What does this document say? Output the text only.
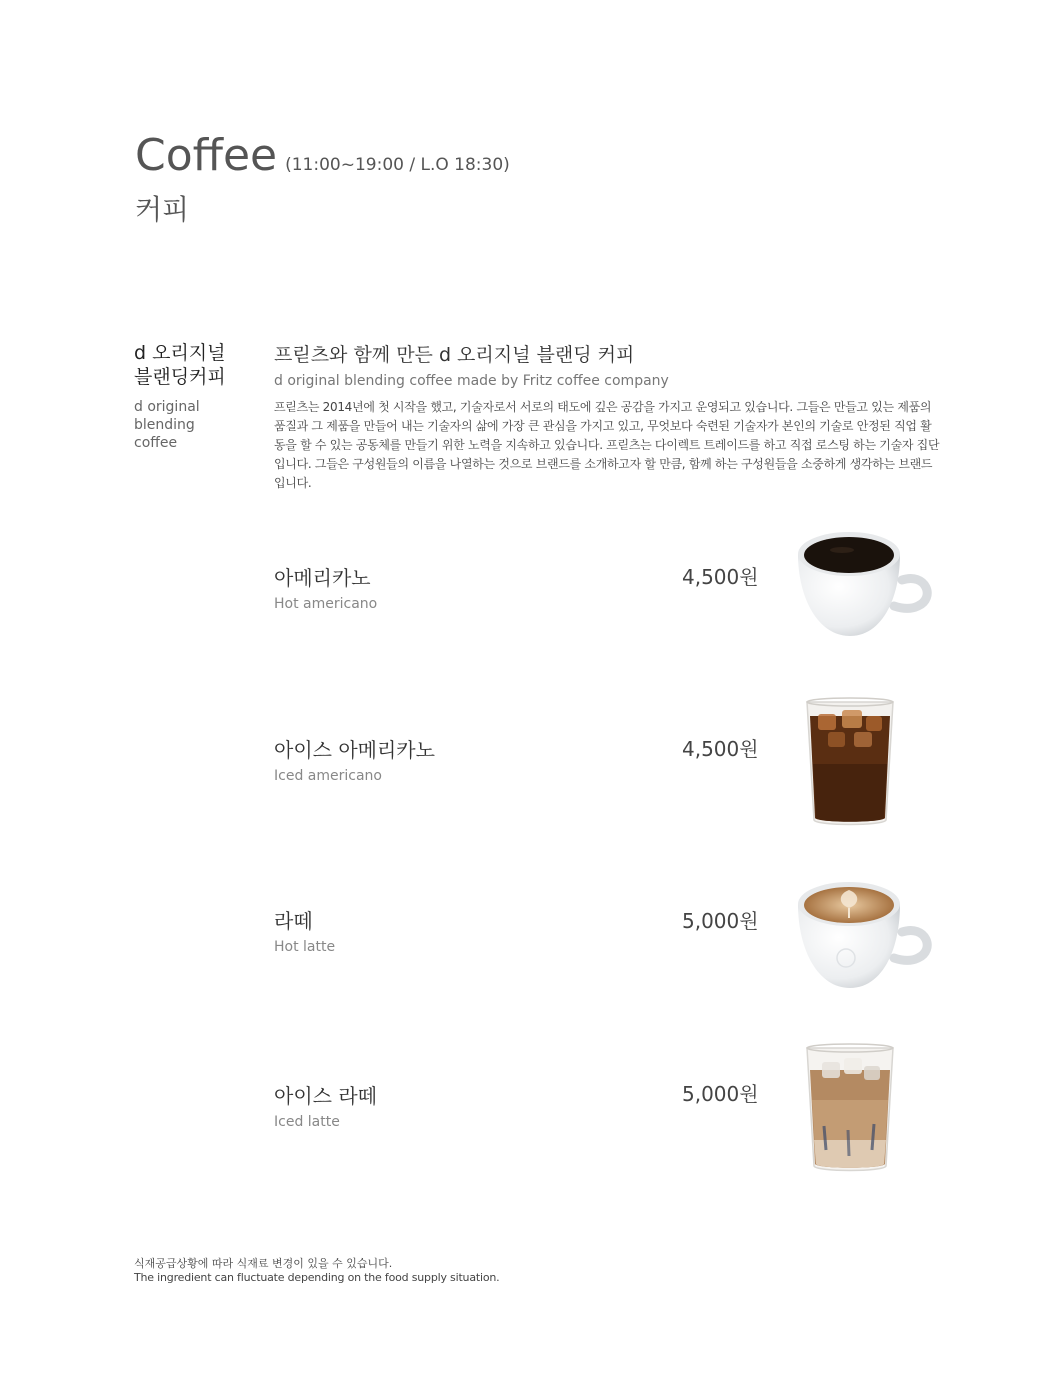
Coffee (11:00~19:00 / L.O 18:30)
커피
d 오리지널
블랜딩커피
d original
blending
coffee
프릳츠와 함께 만든 d 오리지널 블랜딩 커피
d original blending coffee made by Fritz coffee company
프릳츠는 2014년에 첫 시작을 했고, 기술자로서 서로의 태도에 깊은 공감을 가지고 운영되고 있습니다. 그들은 만들고 있는 제품의 품질과 그 제품을 만들어 내는 기술자의 삶에 가장 큰 관심을 가지고 있고, 무엇보다 숙련된 기술자가 본인의 기술로 안정된 직업 활동을 할 수 있는 공동체를 만들기 위한 노력을 지속하고 있습니다. 프릳츠는 다이렉트 트레이드를 하고 직접 로스팅 하는 기술자 집단입니다. 그들은 구성원들의 이름을 나열하는 것으로 브랜드를 소개하고자 할 만큼, 함께 하는 구성원들을 소중하게 생각하는 브랜드입니다.
아메리카노
Hot americano
4,500원
아이스 아메리카노
Iced americano
4,500원
라떼
Hot latte
5,000원
아이스 라떼
Iced latte
5,000원
식재공급상황에 따라 식재료 변경이 있을 수 있습니다.
The ingredient can fluctuate depending on the food supply situation.
